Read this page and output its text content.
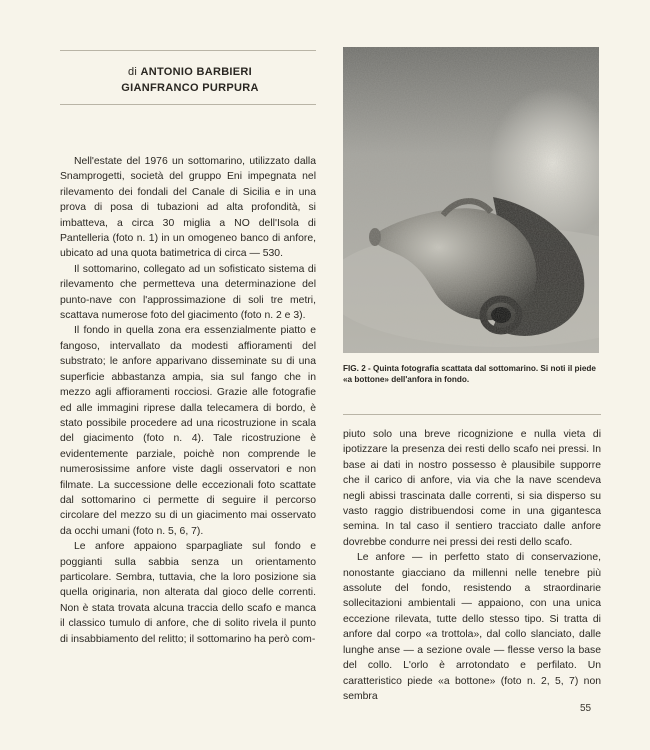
di ANTONIO BARBIERI
GIANFRANCO PURPURA

Nell'estate del 1976 un sottomarino, utilizzato dalla Snamprogetti, società del gruppo Eni impegnata nel rilevamento dei fondali del Canale di Sicilia e in una prova di posa di tubazioni ad alta profondità, si imbatteva, a circa 30 miglia a NO dell'Isola di Pantelleria (foto n. 1) in un omogeneo banco di anfore, ubicato ad una quota batimetrica di circa — 530.

Il sottomarino, collegato ad un sofisticato sistema di rilevamento che permetteva una determinazione del punto-nave con l'approssimazione di soli tre metri, scattava numerose foto del giacimento (foto n. 2 e 3).

Il fondo in quella zona era essenzialmente piatto e fangoso, intervallato da modesti affioramenti del substrato; le anfore apparivano disseminate su di una superficie abbastanza ampia, sia sul fango che in mezzo agli affioramenti rocciosi. Grazie alle fotografie ed alle immagini riprese dalla telecamera di bordo, è stato possibile procedere ad una ricostruzione in scala del giacimento (foto n. 4). Tale ricostruzione è evidentemente parziale, poichè non comprende le numerosissime anfore viste dagli osservatori e non filmate. La successione delle eccezionali foto scattate dal sottomarino ci permette di seguire il percorso circolare del mezzo su di un giacimento mai osservato da occhi umani (foto n. 5, 6, 7).

Le anfore appaiono sparpagliate sul fondo e poggianti sulla sabbia senza un orientamento particolare. Sembra, tuttavia, che la loro posizione sia quella originaria, non alterata dal gioco delle correnti. Non è stata trovata alcuna traccia dello scafo e manca il classico tumulo di anfore, che di solito rivela il punto di insabbiamento del relitto; il sottomarino ha però com-

FIG. 2 - Quinta fotografia scattata dal sottomarino. Si noti il piede «a bottone» dell'anfora in fondo.

piuto solo una breve ricognizione e nulla vieta di ipotizzare la presenza dei resti dello scafo nei pressi. In base ai dati in nostro possesso è plausibile supporre che il carico di anfore, via via che la nave scendeva negli abissi trascinata dalle correnti, si sia disperso su vasto raggio distribuendosi come in una gigantesca semina. In tal caso il sentiero tracciato dalle anfore dovrebbe condurre nei pressi dei resti dello scafo.

Le anfore — in perfetto stato di conservazione, nonostante giacciano da millenni nelle tenebre più assolute del fondo, resistendo a straordinarie sollecitazioni ambientali — appaiono, con una unica eccezione rilevata, tutte dello stesso tipo. Si tratta di anfore dal corpo «a trottola», dal collo slanciato, dalle lunghe anse — a sezione ovale — flesse verso la base del collo. L'orlo è arrotondato e perfilato. Un caratteristico piede «a bottone» (foto n. 2, 5, 7) non sembra

55
